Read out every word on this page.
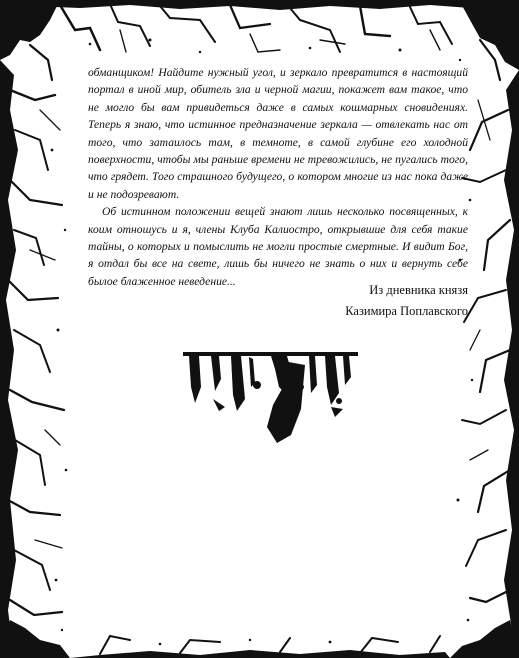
обманщиком! Найдите нужный угол, и зеркало превратится в настоящий портал в иной мир, обитель зла и черной магии, покажет вам такое, что не могло бы вам привидеться даже в самых кошмарных сновидениях. Теперь я знаю, что истинное предназначение зеркала — отвлекать нас от того, что затаилось там, в темноте, в самой глубине его холодной поверхности, чтобы мы раньше времени не тревожились, не пугались того, что грядет. Того страшного будущего, о котором многие из нас пока даже и не подозревают.

Об истинном положении вещей знают лишь несколько посвященных, к коим отношусь и я, члены Клуба Калиостро, открывшие для себя такие тайны, о которых и помыслить не могли простые смертные. И видит Бог, я отдал бы все на свете, лишь бы ничего не знать о них и вернуть себе былое блаженное неведение...

Из дневника князя
Казимира Поплавского
